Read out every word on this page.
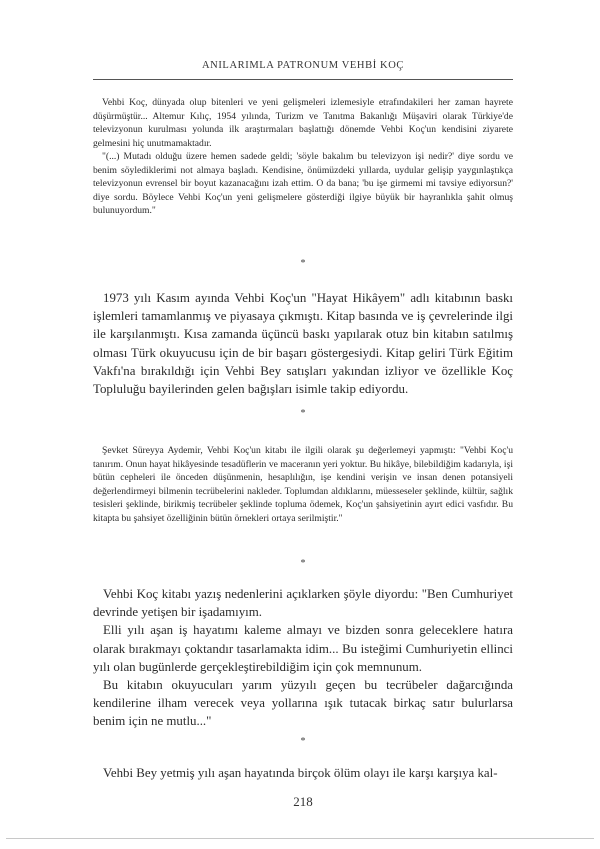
ANILARIMLA PATRONUM VEHBİ KOÇ

Vehbi Koç, dünyada olup bitenleri ve yeni gelişmeleri izlemesiyle etrafındakileri her zaman hayrete düşürmüştür... Altemur Kılıç, 1954 yılında, Turizm ve Tanıtma Bakanlığı Müşaviri olarak Türkiye'de televizyonun kurulması yolunda ilk araştırmaları başlattığı dönemde Vehbi Koç'un kendisini ziyarete gelmesini hiç unutmamaktadır.

"(...) Mutadı olduğu üzere hemen sadede geldi; 'söyle bakalım bu televizyon işi nedir?' diye sordu ve benim söylediklerimi not almaya başladı. Kendisine, önümüzdeki yıllarda, uydular gelişip yaygınlaştıkça televizyonun evrensel bir boyut kazanacağını izah ettim. O da bana; 'bu işe girmemi mi tavsiye ediyorsun?' diye sordu. Böylece Vehbi Koç'un yeni gelişmelere gösterdiği ilgiye büyük bir hayranlıkla şahit olmuş bulunuyordum."

*

1973 yılı Kasım ayında Vehbi Koç'un "Hayat Hikâyem" adlı kitabının baskı işlemleri tamamlanmış ve piyasaya çıkmıştı. Kitap basında ve iş çevrelerinde ilgi ile karşılanmıştı. Kısa zamanda üçüncü baskı yapılarak otuz bin kitabın satılmış olması Türk okuyucusu için de bir başarı göstergesiydi. Kitap geliri Türk Eğitim Vakfı'na bırakıldığı için Vehbi Bey satışları yakından izliyor ve özellikle Koç Topluluğu bayilerinden gelen bağışları isimle takip ediyordu.

*

Şevket Süreyya Aydemir, Vehbi Koç'un kitabı ile ilgili olarak şu değerlemeyi yapmıştı: "Vehbi Koç'u tanırım. Onun hayat hikâyesinde tesadüflerin ve maceranın yeri yoktur. Bu hikâye, bilebildiğim kadarıyla, işi bütün cepheleri ile önceden düşünmenin, hesaplılığın, işe kendini verişin ve insan denen potansiyeli değerlendirmeyi bilmenin tecrübelerini nakleder. Toplumdan aldıklarını, müesseseler şeklinde, kültür, sağlık tesisleri şeklinde, birikmiş tecrübeler şeklinde topluma ödemek, Koç'un şahsiyetinin ayırt edici vasfıdır. Bu kitapta bu şahsiyet özelliğinin bütün örnekleri ortaya serilmiştir."

*

Vehbi Koç kitabı yazış nedenlerini açıklarken şöyle diyordu: "Ben Cumhuriyet devrinde yetişen bir işadamıyım.

Elli yılı aşan iş hayatımı kaleme almayı ve bizden sonra geleceklere hatıra olarak bırakmayı çoktandır tasarlamakta idim... Bu isteğimi Cumhuriyetin ellinci yılı olan bugünlerde gerçekleştirebildiğim için çok memnunum.

Bu kitabın okuyucuları yarım yüzyılı geçen bu tecrübeler dağarcığında kendilerine ilham verecek veya yollarına ışık tutacak birkaç satır bulurlarsa benim için ne mutlu..."

*

Vehbi Bey yetmiş yılı aşan hayatında birçok ölüm olayı ile karşı karşıya kal-

218
